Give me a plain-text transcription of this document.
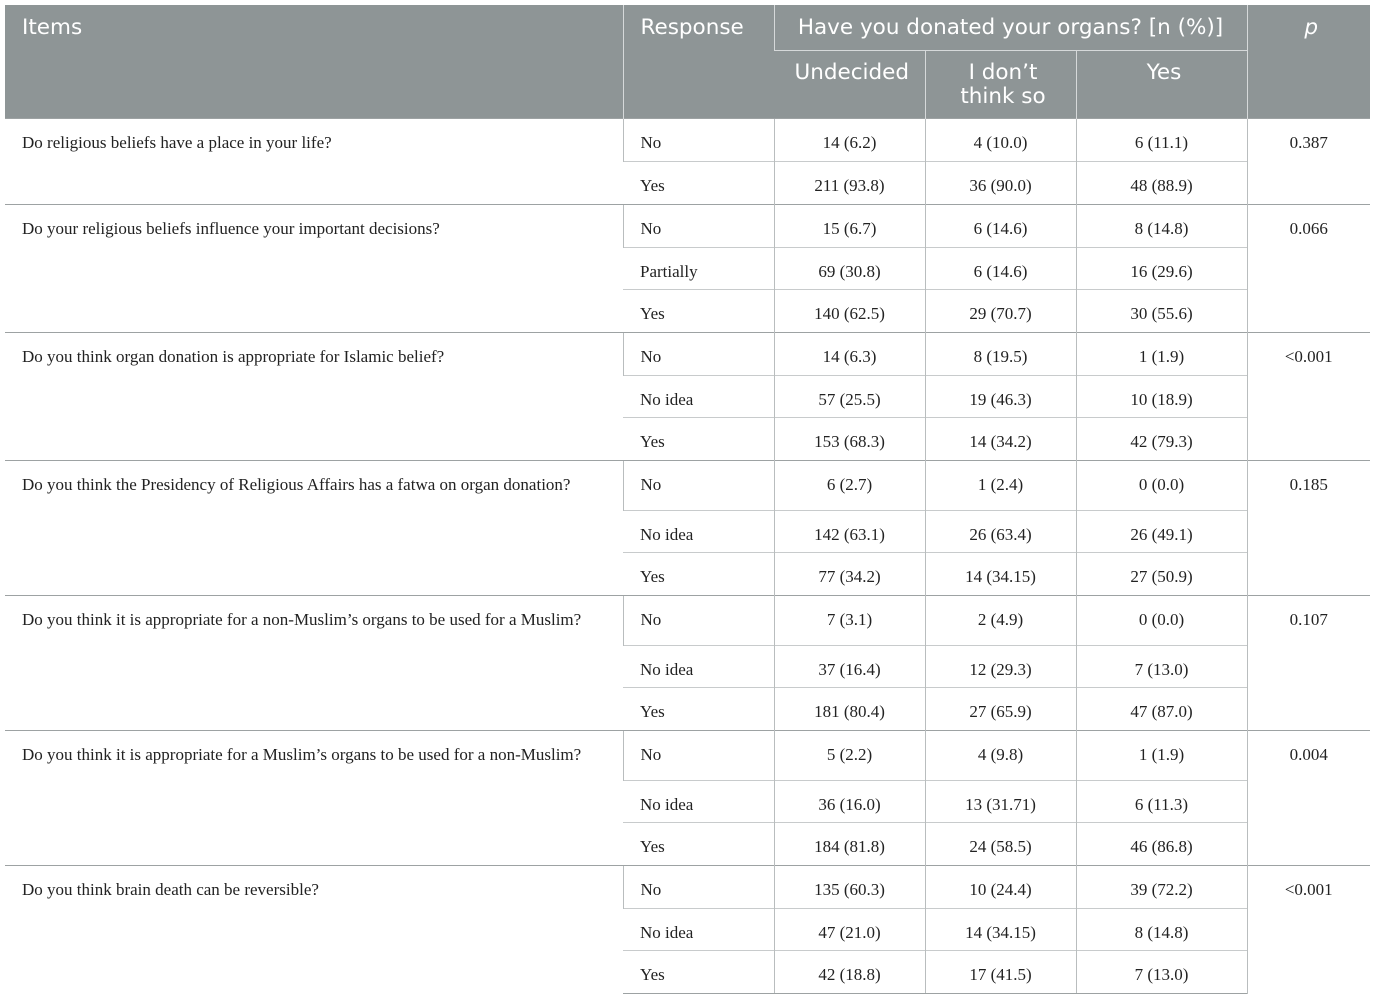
Items	Response	Have you donated your organs? [n (%)]			p
		Undecided	I don’t think so	Yes	
Do religious beliefs have a place in your life?	No	14 (6.2)	4 (10.0)	6 (11.1)	0.387
	Yes	211 (93.8)	36 (90.0)	48 (88.9)	
Do your religious beliefs influence your important decisions?	No	15 (6.7)	6 (14.6)	8 (14.8)	0.066
	Partially	69 (30.8)	6 (14.6)	16 (29.6)	
	Yes	140 (62.5)	29 (70.7)	30 (55.6)	
Do you think organ donation is appropriate for Islamic belief?	No	14 (6.3)	8 (19.5)	1 (1.9)	<0.001
	No idea	57 (25.5)	19 (46.3)	10 (18.9)	
	Yes	153 (68.3)	14 (34.2)	42 (79.3)	
Do you think the Presidency of Religious Affairs has a fatwa on organ donation?	No	6 (2.7)	1 (2.4)	0 (0.0)	0.185
	No idea	142 (63.1)	26 (63.4)	26 (49.1)	
	Yes	77 (34.2)	14 (34.15)	27 (50.9)	
Do you think it is appropriate for a non-Muslim’s organs to be used for a Muslim?	No	7 (3.1)	2 (4.9)	0 (0.0)	0.107
	No idea	37 (16.4)	12 (29.3)	7 (13.0)	
	Yes	181 (80.4)	27 (65.9)	47 (87.0)	
Do you think it is appropriate for a Muslim’s organs to be used for a non-Muslim?	No	5 (2.2)	4 (9.8)	1 (1.9)	0.004
	No idea	36 (16.0)	13 (31.71)	6 (11.3)	
	Yes	184 (81.8)	24 (58.5)	46 (86.8)	
Do you think brain death can be reversible?	No	135 (60.3)	10 (24.4)	39 (72.2)	<0.001
	No idea	47 (21.0)	14 (34.15)	8 (14.8)	
	Yes	42 (18.8)	17 (41.5)	7 (13.0)	
